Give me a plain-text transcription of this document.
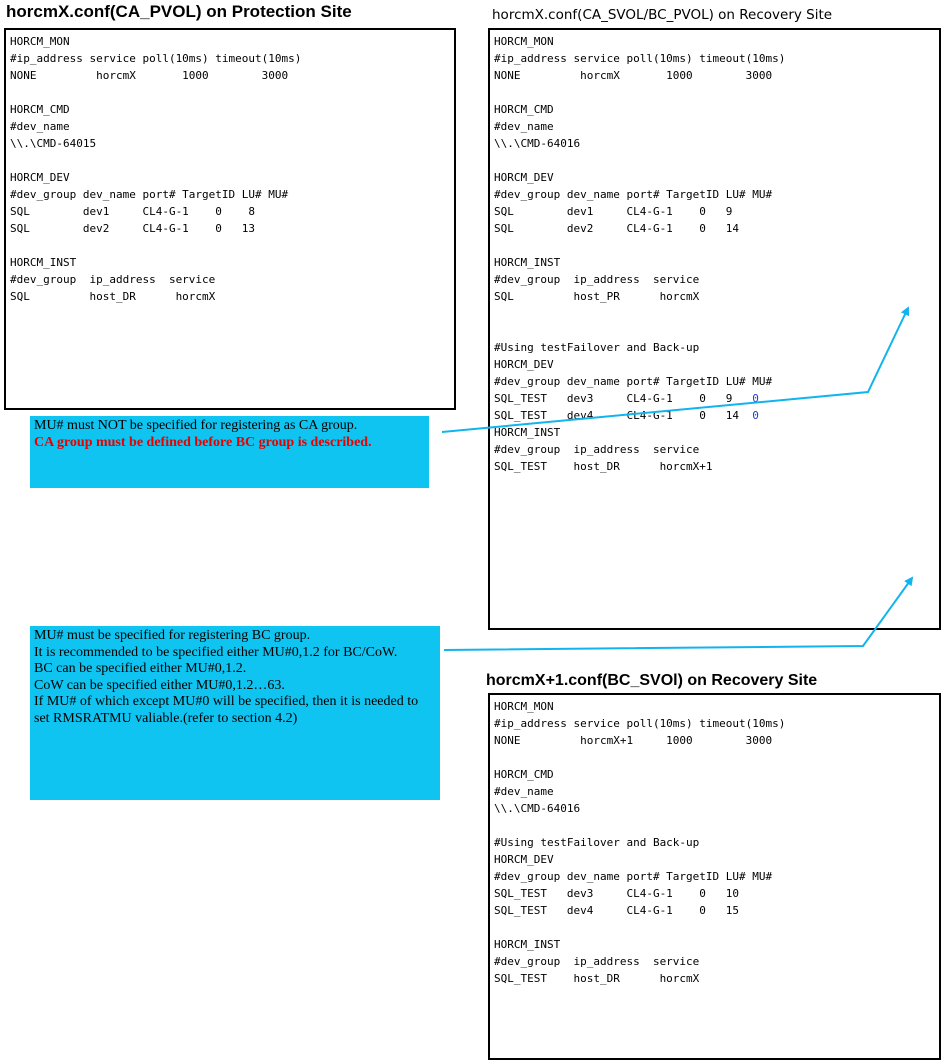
horcmX.conf(CA_PVOL) on Protection Site	horcmX.conf(CA_SVOL/BC_PVOL) on Recovery Site
horcmX+1.conf(BC_SVOl) on Recovery Site
HORCM_MON
#ip_address service poll(10ms) timeout(10ms)
NONE         horcmX       1000        3000

HORCM_CMD
#dev_name
\\.\CMD-64015

HORCM_DEV
#dev_group dev_name port# TargetID LU# MU#
SQL        dev1     CL4-G-1    0    8
SQL        dev2     CL4-G-1    0   13

HORCM_INST
#dev_group  ip_address  service
SQL         host_DR      horcmX
HORCM_MON
#ip_address service poll(10ms) timeout(10ms)
NONE         horcmX       1000        3000

HORCM_CMD
#dev_name
\\.\CMD-64016

HORCM_DEV
#dev_group dev_name port# TargetID LU# MU#
SQL        dev1     CL4-G-1    0   9
SQL        dev2     CL4-G-1    0   14

HORCM_INST
#dev_group  ip_address  service
SQL         host_PR      horcmX

#Using testFailover and Back-up
HORCM_DEV
#dev_group dev_name port# TargetID LU# MU#
SQL_TEST   dev3     CL4-G-1    0   9   0
SQL_TEST   dev4     CL4-G-1    0   14  0
HORCM_INST
#dev_group  ip_address  service
SQL_TEST    host_DR      horcmX+1
HORCM_MON
#ip_address service poll(10ms) timeout(10ms)
NONE         horcmX+1     1000        3000

HORCM_CMD
#dev_name
\\.\CMD-64016

#Using testFailover and Back-up
HORCM_DEV
#dev_group dev_name port# TargetID LU# MU#
SQL_TEST   dev3     CL4-G-1    0   10
SQL_TEST   dev4     CL4-G-1    0   15

HORCM_INST
#dev_group  ip_address  service
SQL_TEST    host_DR      horcmX
MU# must NOT be specified for registering as CA group.
CA group must be defined before BC group is described.
MU# must be specified for registering BC group.
It is recommended to be specified either MU#0,1.2 for BC/CoW.
BC can be specified either MU#0,1.2.
CoW can be specified either MU#0,1.2…63.
If MU# of which except MU#0 will be specified, then it is needed to set RMSRATMU valiable.(refer to section 4.2)
